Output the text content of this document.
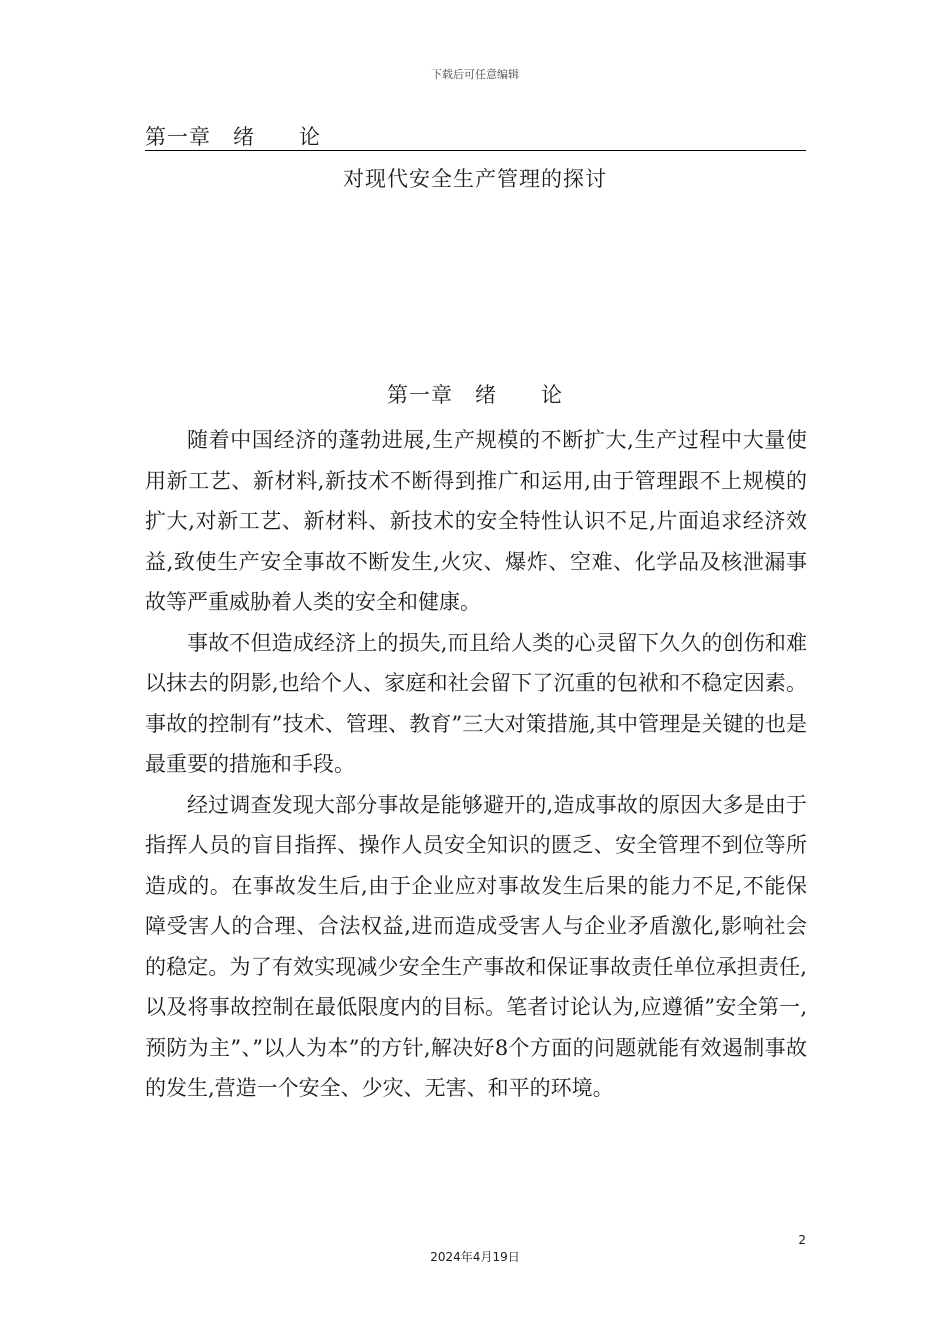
下载后可任意编辑
第一章　绪　　论
对现代安全生产管理的探讨
第一章　绪　　论

随着中国经济的蓬勃进展,生产规模的不断扩大,生产过程中大量使用新工艺、新材料,新技术不断得到推广和运用,由于管理跟不上规模的扩大,对新工艺、新材料、新技术的安全特性认识不足,片面追求经济效益,致使生产安全事故不断发生,火灾、爆炸、空难、化学品及核泄漏事故等严重威胁着人类的安全和健康。

事故不但造成经济上的损失,而且给人类的心灵留下久久的创伤和难以抹去的阴影,也给个人、家庭和社会留下了沉重的包袱和不稳定因素。事故的控制有”技术、管理、教育”三大对策措施,其中管理是关键的也是最重要的措施和手段。

经过调查发现大部分事故是能够避开的,造成事故的原因大多是由于指挥人员的盲目指挥、操作人员安全知识的匮乏、安全管理不到位等所造成的。在事故发生后,由于企业应对事故发生后果的能力不足,不能保障受害人的合理、合法权益,进而造成受害人与企业矛盾激化,影响社会的稳定。为了有效实现减少安全生产事故和保证事故责任单位承担责任,以及将事故控制在最低限度内的目标。笔者讨论认为,应遵循”安全第一,预防为主”、”以人为本”的方针,解决好8个方面的问题就能有效遏制事故的发生,营造一个安全、少灾、无害、和平的环境。

2
2024年4月19日
